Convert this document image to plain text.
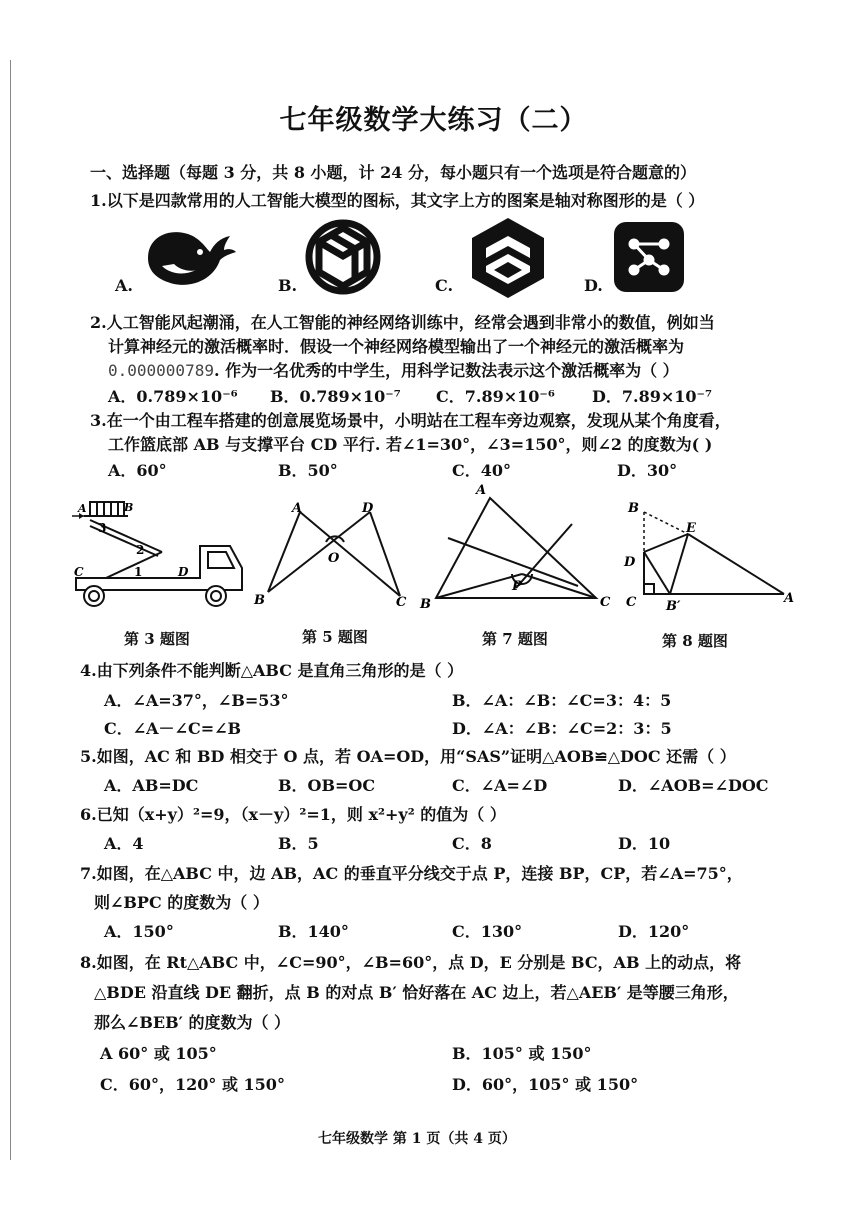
七年级数学大练习（二）
一、选择题（每题 3 分，共 8 小题，计 24 分，每小题只有一个选项是符合题意的）
1.以下是四款常用的人工智能大模型的图标，其文字上方的图案是轴对称图形的是（ ）
A.	B.	C.	D.
2.人工智能风起潮涌，在人工智能的神经网络训练中，经常会遇到非常小的数值，例如当
计算神经元的激活概率时．假设一个神经网络模型输出了一个神经元的激活概率为
0.000000789. 作为一名优秀的中学生，用科学记数法表示这个激活概率为（ ）
A．0.789×10⁻⁶ B．0.789×10⁻⁷ C．7.89×10⁻⁶ D．7.89×10⁻⁷
3.在一个由工程车搭建的创意展览场景中，小明站在工程车旁边观察，发现从某个角度看，
工作篮底部 AB 与支撑平台 CD 平行. 若∠1=30°，∠3=150°，则∠2 的度数为( )
A．60°	B．50°	C．40°	D．30°
B
A
3
2
C	1	D
A	D
O
B	C
A
P
B	C
B
E
D
C B′
A
第 3 题图	第 5 题图	第 7 题图	第 8 题图
4.由下列条件不能判断△ABC 是直角三角形的是（ ）
A．∠A=37°，∠B=53°	B．∠A：∠B：∠C=3：4：5
C．∠A－∠C=∠B	D．∠A：∠B：∠C=2：3：5
5.如图，AC 和 BD 相交于 O 点，若 OA=OD，用“SAS”证明△AOB≌△DOC 还需（ ）
A．AB=DC	B．OB=OC	C．∠A=∠D	D．∠AOB=∠DOC
6.已知（x+y）²=9，（x－y）²=1，则 x²+y² 的值为（ ）
A．4	B．5	C．8	D．10
7.如图，在△ABC 中，边 AB，AC 的垂直平分线交于点 P，连接 BP，CP，若∠A=75°，
则∠BPC 的度数为（ ）
A．150°	B．140°	C．130°	D．120°
8.如图，在 Rt△ABC 中，∠C=90°，∠B=60°，点 D，E 分别是 BC，AB 上的动点，将
△BDE 沿直线 DE 翻折，点 B 的对点 B′ 恰好落在 AC 边上，若△AEB′ 是等腰三角形，
那么∠BEB′ 的度数为（ ）
A 60° 或 105°	B．105° 或 150°
C．60°，120° 或 150°	D．60°，105° 或 150°
七年级数学 第 1 页（共 4 页）
